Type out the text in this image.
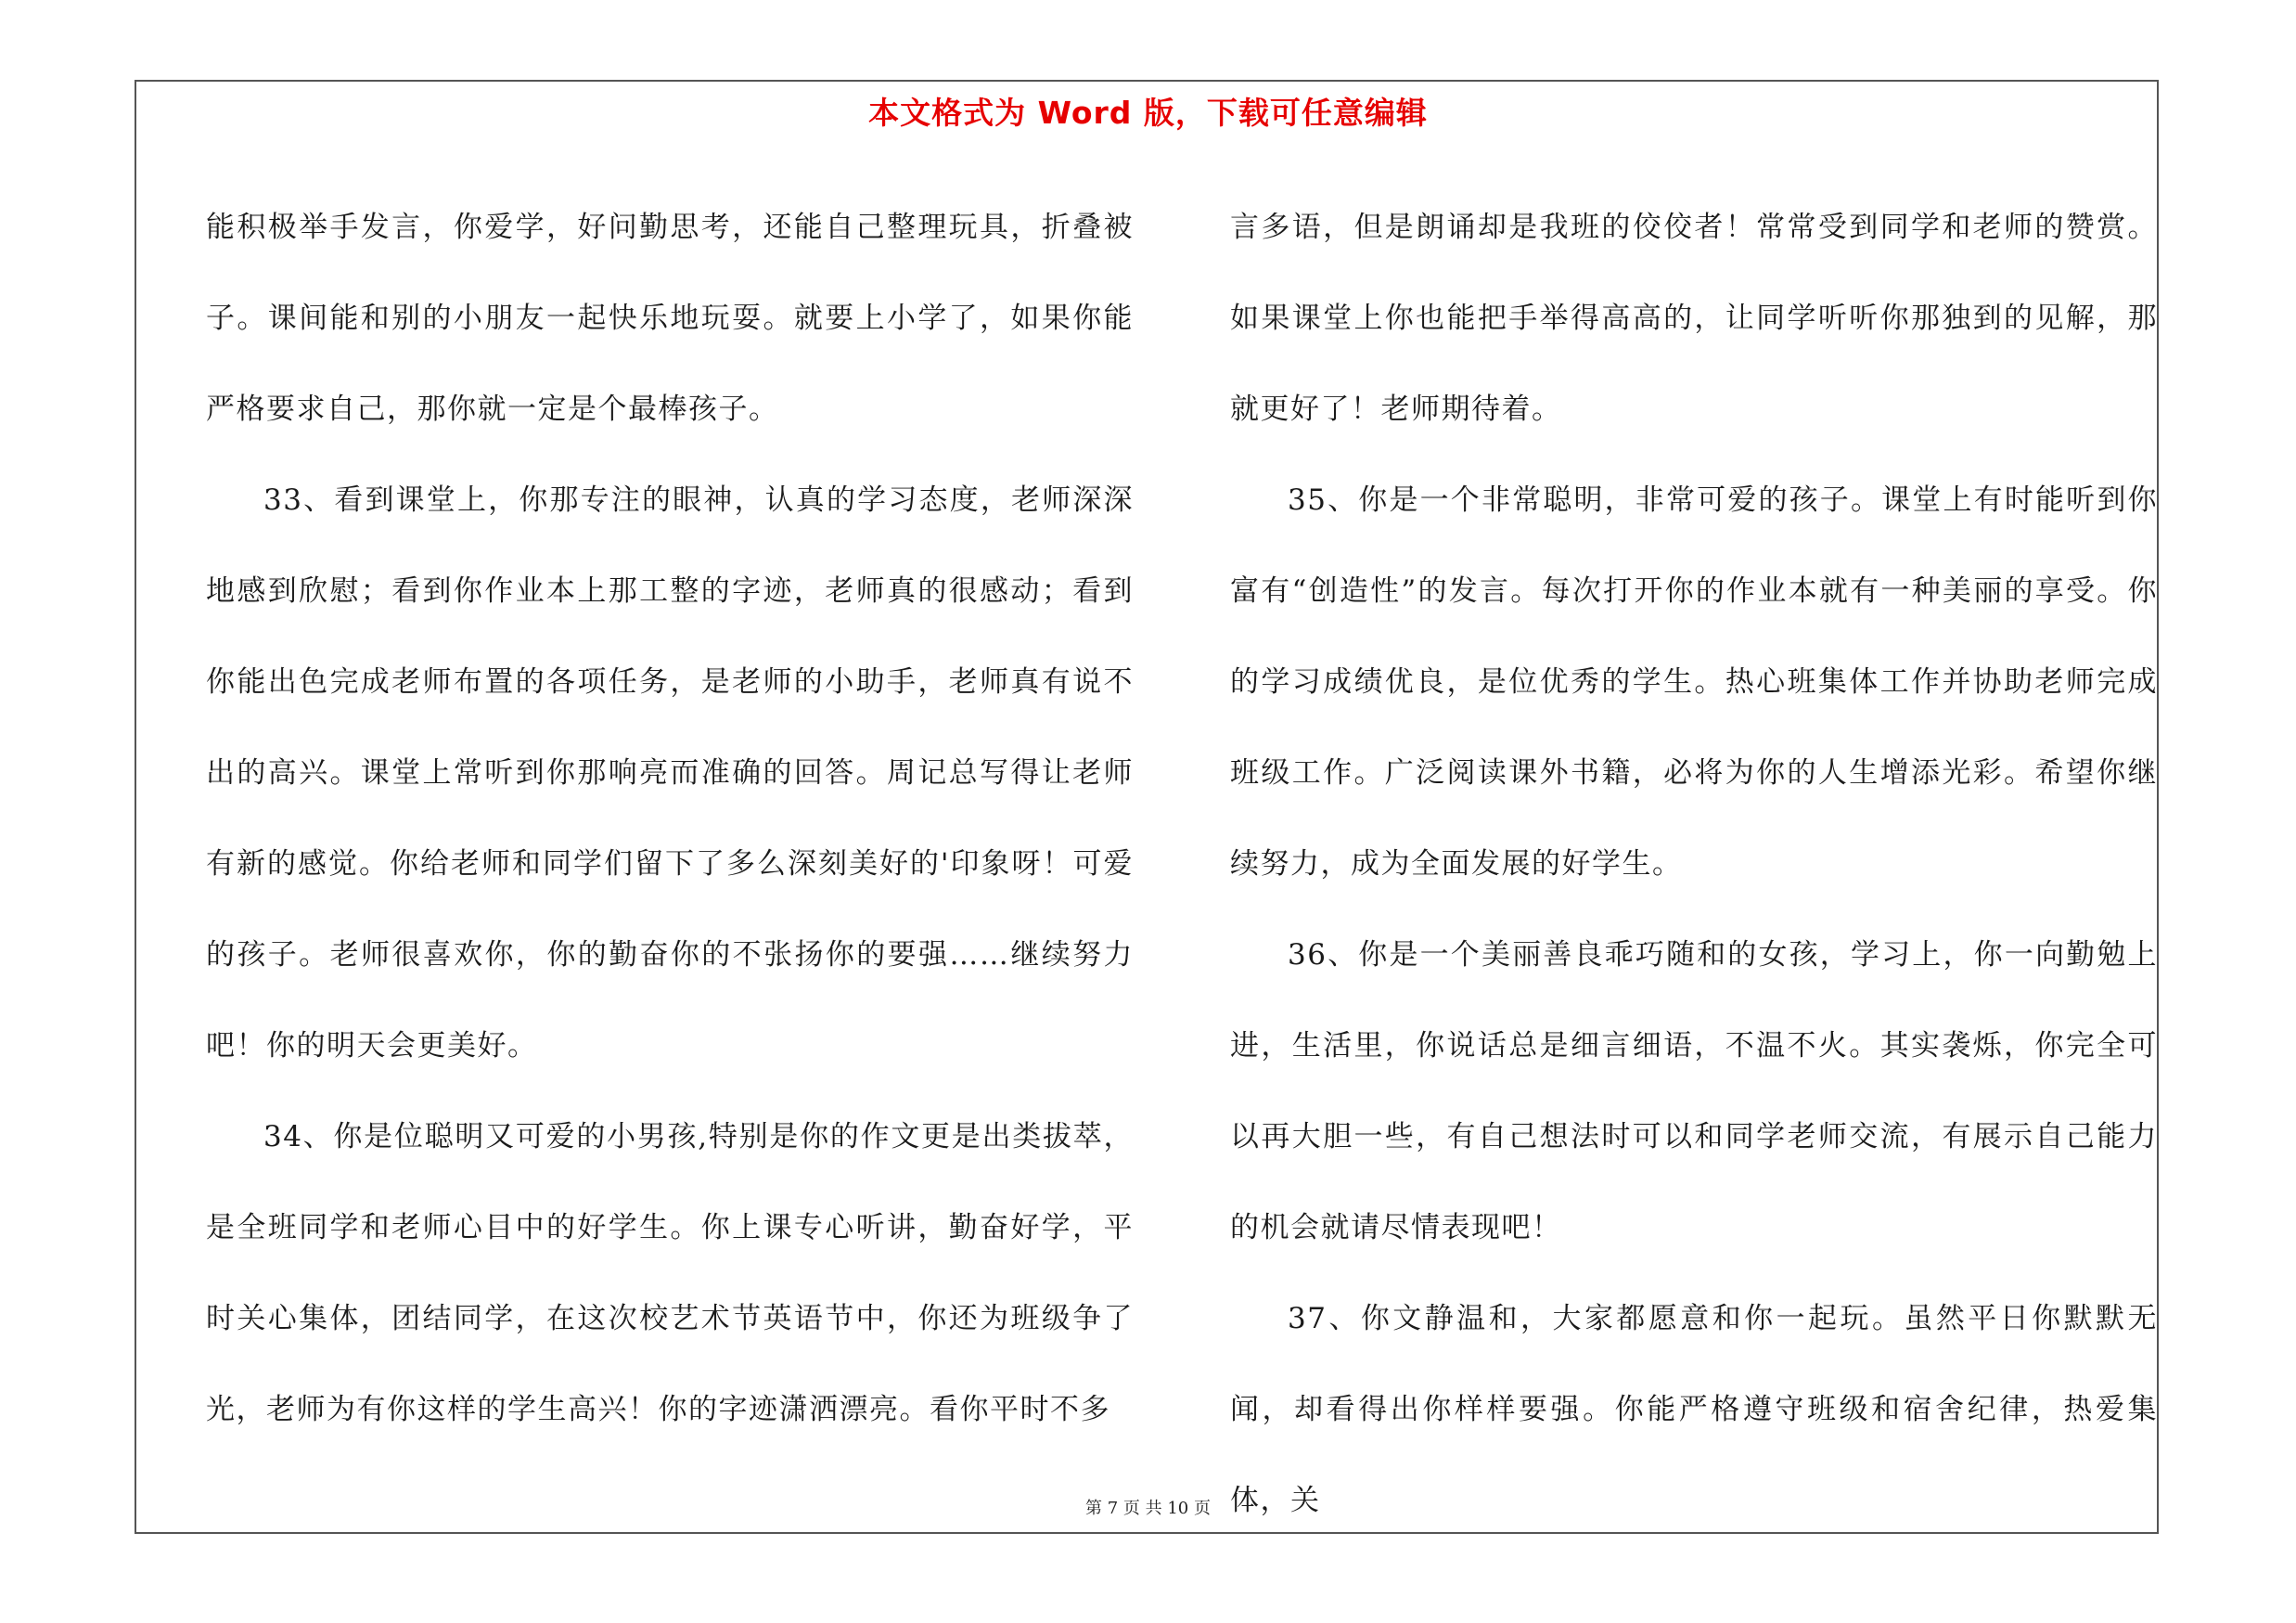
本文格式为 Word 版，下载可任意编辑

能积极举手发言，你爱学，好问勤思考，还能自己整理玩具，折叠被子。课间能和别的小朋友一起快乐地玩耍。就要上小学了，如果你能严格要求自己，那你就一定是个最棒孩子。

33、看到课堂上，你那专注的眼神，认真的学习态度，老师深深地感到欣慰；看到你作业本上那工整的字迹，老师真的很感动；看到你能出色完成老师布置的各项任务，是老师的小助手，老师真有说不出的高兴。课堂上常听到你那响亮而准确的回答。周记总写得让老师有新的感觉。你给老师和同学们留下了多么深刻美好的'印象呀！可爱的孩子。老师很喜欢你，你的勤奋你的不张扬你的要强……继续努力吧！你的明天会更美好。

34、你是位聪明又可爱的小男孩,特别是你的作文更是出类拔萃，是全班同学和老师心目中的好学生。你上课专心听讲，勤奋好学，平时关心集体，团结同学，在这次校艺术节英语节中，你还为班级争了光，老师为有你这样的学生高兴！你的字迹潇洒漂亮。看你平时不多

言多语，但是朗诵却是我班的佼佼者！常常受到同学和老师的赞赏。如果课堂上你也能把手举得高高的，让同学听听你那独到的见解，那就更好了！老师期待着。

35、你是一个非常聪明，非常可爱的孩子。课堂上有时能听到你富有“创造性”的发言。每次打开你的作业本就有一种美丽的享受。你的学习成绩优良，是位优秀的学生。热心班集体工作并协助老师完成班级工作。广泛阅读课外书籍，必将为你的人生增添光彩。希望你继续努力，成为全面发展的好学生。

36、你是一个美丽善良乖巧随和的女孩，学习上，你一向勤勉上进，生活里，你说话总是细言细语，不温不火。其实袭烁，你完全可以再大胆一些，有自己想法时可以和同学老师交流，有展示自己能力的机会就请尽情表现吧！

37、你文静温和，大家都愿意和你一起玩。虽然平日你默默无闻，却看得出你样样要强。你能严格遵守班级和宿舍纪律，热爱集体，关

第 7 页 共 10 页
